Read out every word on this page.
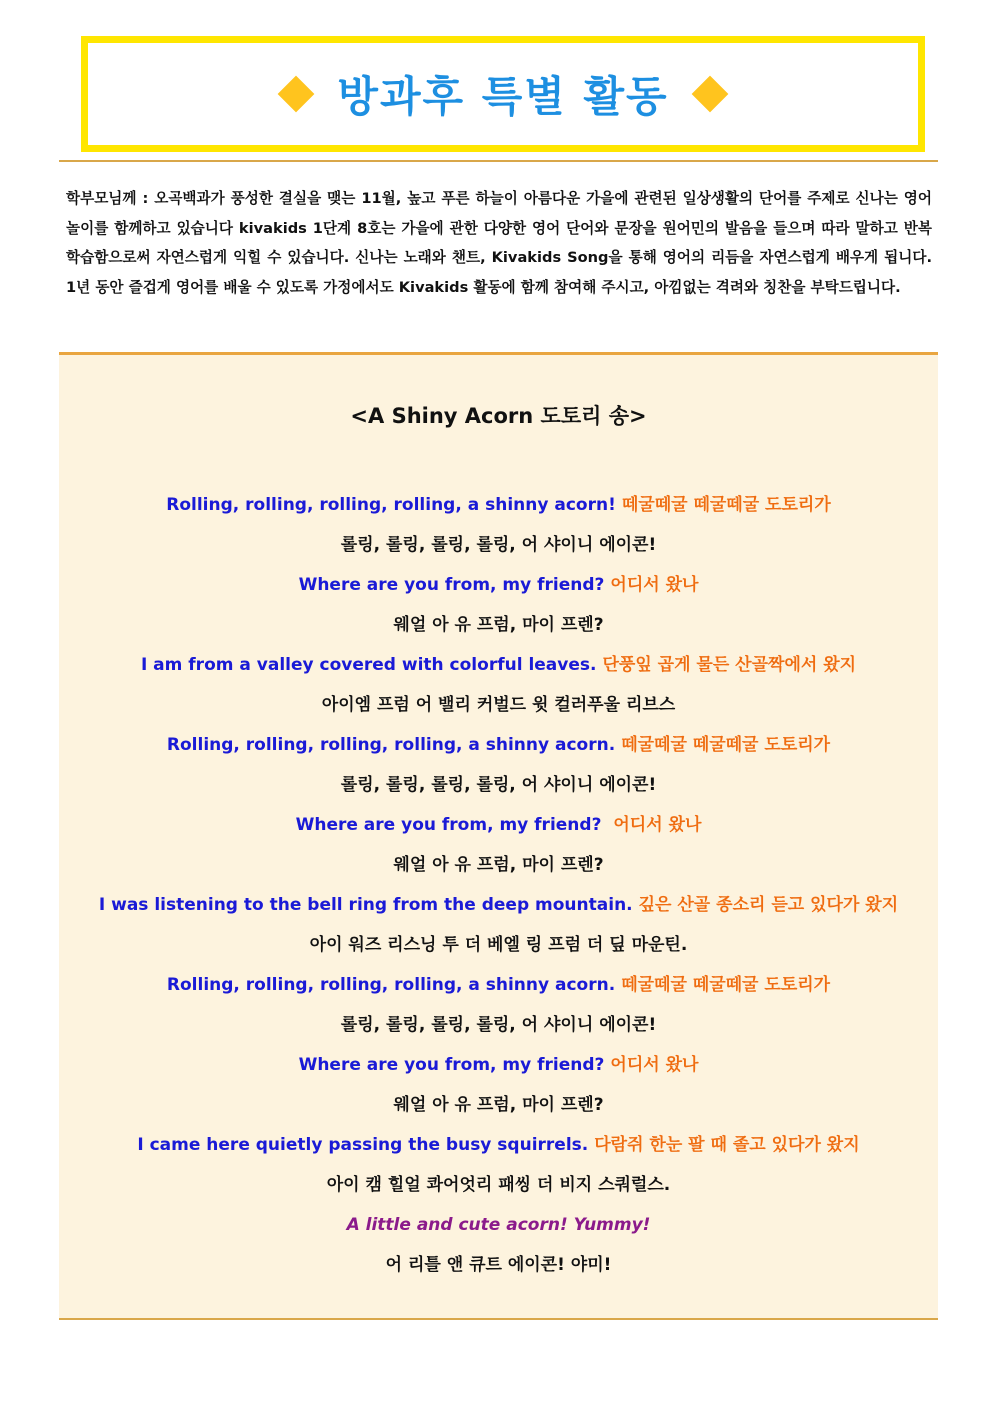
방과후 특별 활동
학부모님께 : 오곡백과가 풍성한 결실을 맺는 11월, 높고 푸른 하늘이 아름다운 가을에 관련된 일상생활의 단어를 주제로 신나는 영어 놀이를 함께하고 있습니다 kivakids 1단계 8호는 가을에 관한 다양한 영어 단어와 문장을 원어민의 발음을 들으며 따라 말하고 반복 학습함으로써 자연스럽게 익힐 수 있습니다. 신나는 노래와 챈트, Kivakids Song을 통해 영어의 리듬을 자연스럽게 배우게 됩니다. 1년 동안 즐겁게 영어를 배울 수 있도록 가정에서도 Kivakids 활동에 함께 참여해 주시고, 아낌없는 격려와 칭찬을 부탁드립니다.
<A Shiny Acorn 도토리 송>
Rolling, rolling, rolling, rolling, a shinny acorn! 떼굴떼굴 떼굴떼굴 도토리가
롤링, 롤링, 롤링, 롤링, 어 샤이니 에이콘!
Where are you from, my friend? 어디서 왔나
웨얼 아 유 프럼, 마이 프렌?
I am from a valley covered with colorful leaves. 단풍잎 곱게 물든 산골짝에서 왔지
아이엠 프럼 어 밸리 커벌드 윗 컬러푸울 리브스
Rolling, rolling, rolling, rolling, a shinny acorn. 떼굴떼굴 떼굴떼굴 도토리가
롤링, 롤링, 롤링, 롤링, 어 샤이니 에이콘!
Where are you from, my friend? 어디서 왔나
웨얼 아 유 프럼, 마이 프렌?
I was listening to the bell ring from the deep mountain. 깊은 산골 종소리 듣고 있다가 왔지
아이 워즈 리스닝 투 더 베엘 링 프럼 더 딮 마운틴.
Rolling, rolling, rolling, rolling, a shinny acorn. 떼굴떼굴 떼굴떼굴 도토리가
롤링, 롤링, 롤링, 롤링, 어 샤이니 에이콘!
Where are you from, my friend? 어디서 왔나
웨얼 아 유 프럼, 마이 프렌?
I came here quietly passing the busy squirrels. 다람쥐 한눈 팔 때 졸고 있다가 왔지
아이 캠 힐얼 콰어엇리 패씽 더 비지 스쿼럴스.
A little and cute acorn! Yummy!
어 리틀 앤 큐트 에이콘! 야미!
